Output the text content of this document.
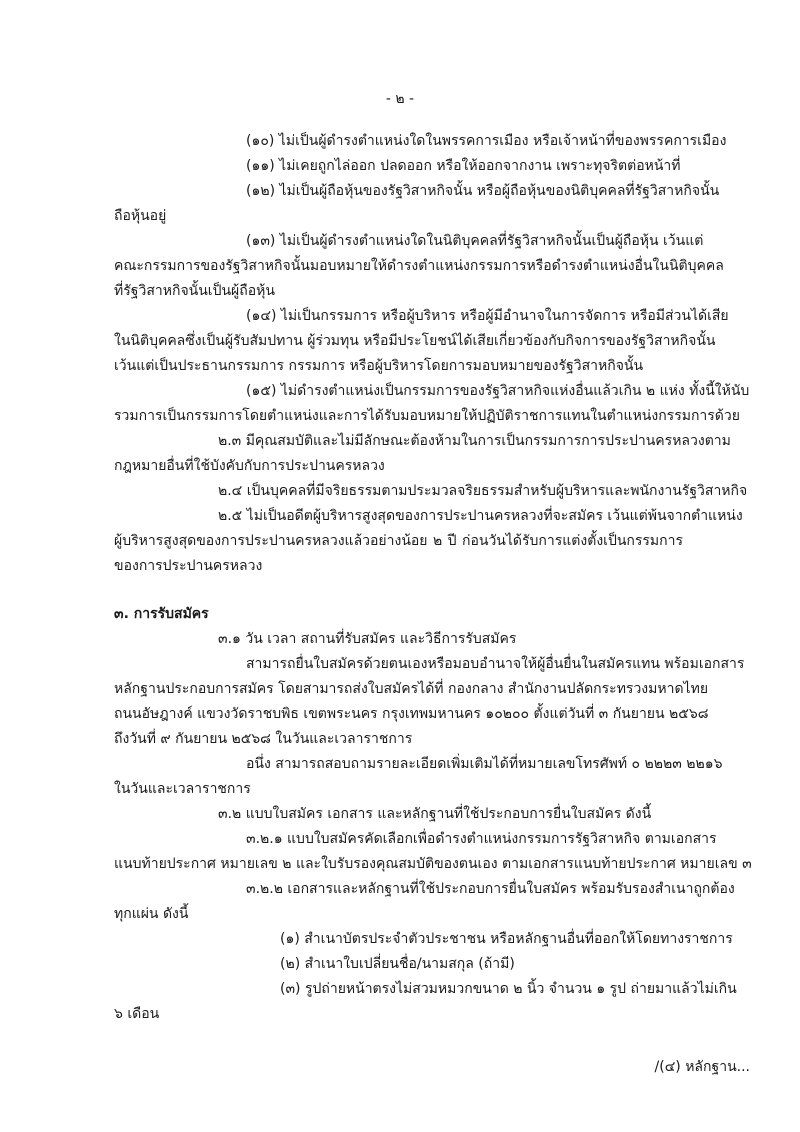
- ๒ -

(๑๐) ไม่เป็นผู้ดำรงตำแหน่งใดในพรรคการเมือง หรือเจ้าหน้าที่ของพรรคการเมือง

(๑๑) ไม่เคยถูกไล่ออก ปลดออก หรือให้ออกจากงาน เพราะทุจริตต่อหน้าที่

(๑๒) ไม่เป็นผู้ถือหุ้นของรัฐวิสาหกิจนั้น หรือผู้ถือหุ้นของนิติบุคคลที่รัฐวิสาหกิจนั้น

ถือหุ้นอยู่

(๑๓) ไม่เป็นผู้ดำรงตำแหน่งใดในนิติบุคคลที่รัฐวิสาหกิจนั้นเป็นผู้ถือหุ้น เว้นแต่

คณะกรรมการของรัฐวิสาหกิจนั้นมอบหมายให้ดำรงตำแหน่งกรรมการหรือดำรงตำแหน่งอื่นในนิติบุคคล

ที่รัฐวิสาหกิจนั้นเป็นผู้ถือหุ้น

(๑๔) ไม่เป็นกรรมการ หรือผู้บริหาร หรือผู้มีอำนาจในการจัดการ หรือมีส่วนได้เสีย

ในนิติบุคคลซึ่งเป็นผู้รับสัมปทาน ผู้ร่วมทุน หรือมีประโยชน์ได้เสียเกี่ยวข้องกับกิจการของรัฐวิสาหกิจนั้น

เว้นแต่เป็นประธานกรรมการ กรรมการ หรือผู้บริหารโดยการมอบหมายของรัฐวิสาหกิจนั้น

(๑๕) ไม่ดำรงตำแหน่งเป็นกรรมการของรัฐวิสาหกิจแห่งอื่นแล้วเกิน ๒ แห่ง ทั้งนี้ให้นับ

รวมการเป็นกรรมการโดยตำแหน่งและการได้รับมอบหมายให้ปฏิบัติราชการแทนในตำแหน่งกรรมการด้วย

๒.๓ มีคุณสมบัติและไม่มีลักษณะต้องห้ามในการเป็นกรรมการการประปานครหลวงตาม

กฎหมายอื่นที่ใช้บังคับกับการประปานครหลวง

๒.๔ เป็นบุคคลที่มีจริยธรรมตามประมวลจริยธรรมสำหรับผู้บริหารและพนักงานรัฐวิสาหกิจ

๒.๕ ไม่เป็นอดีตผู้บริหารสูงสุดของการประปานครหลวงที่จะสมัคร เว้นแต่พ้นจากตำแหน่ง

ผู้บริหารสูงสุดของการประปานครหลวงแล้วอย่างน้อย ๒ ปี ก่อนวันได้รับการแต่งตั้งเป็นกรรมการ

ของการประปานครหลวง

๓. การรับสมัคร

๓.๑ วัน เวลา สถานที่รับสมัคร และวิธีการรับสมัคร

สามารถยื่นใบสมัครด้วยตนเองหรือมอบอำนาจให้ผู้อื่นยื่นในสมัครแทน พร้อมเอกสาร

หลักฐานประกอบการสมัคร โดยสามารถส่งใบสมัครได้ที่ กองกลาง สำนักงานปลัดกระทรวงมหาดไทย

ถนนอัษฎางค์ แขวงวัดราชบพิธ เขตพระนคร กรุงเทพมหานคร ๑๐๒๐๐ ตั้งแต่วันที่ ๓ กันยายน ๒๕๖๘

ถึงวันที่ ๙ กันยายน ๒๕๖๘ ในวันและเวลาราชการ

อนึ่ง สามารถสอบถามรายละเอียดเพิ่มเติมได้ที่หมายเลขโทรศัพท์ ๐ ๒๒๒๓ ๒๒๑๖

ในวันและเวลาราชการ

๓.๒ แบบใบสมัคร เอกสาร และหลักฐานที่ใช้ประกอบการยื่นใบสมัคร ดังนี้

๓.๒.๑ แบบใบสมัครคัดเลือกเพื่อดำรงตำแหน่งกรรมการรัฐวิสาหกิจ ตามเอกสาร

แนบท้ายประกาศ หมายเลข ๒ และใบรับรองคุณสมบัติของตนเอง ตามเอกสารแนบท้ายประกาศ หมายเลข ๓

๓.๒.๒ เอกสารและหลักฐานที่ใช้ประกอบการยื่นใบสมัคร พร้อมรับรองสำเนาถูกต้อง

ทุกแผ่น ดังนี้

(๑) สำเนาบัตรประจำตัวประชาชน หรือหลักฐานอื่นที่ออกให้โดยทางราชการ

(๒) สำเนาใบเปลี่ยนชื่อ/นามสกุล (ถ้ามี)

(๓) รูปถ่ายหน้าตรงไม่สวมหมวกขนาด ๒ นิ้ว จำนวน ๑ รูป ถ่ายมาแล้วไม่เกิน

๖ เดือน

/(๔) หลักฐาน...
